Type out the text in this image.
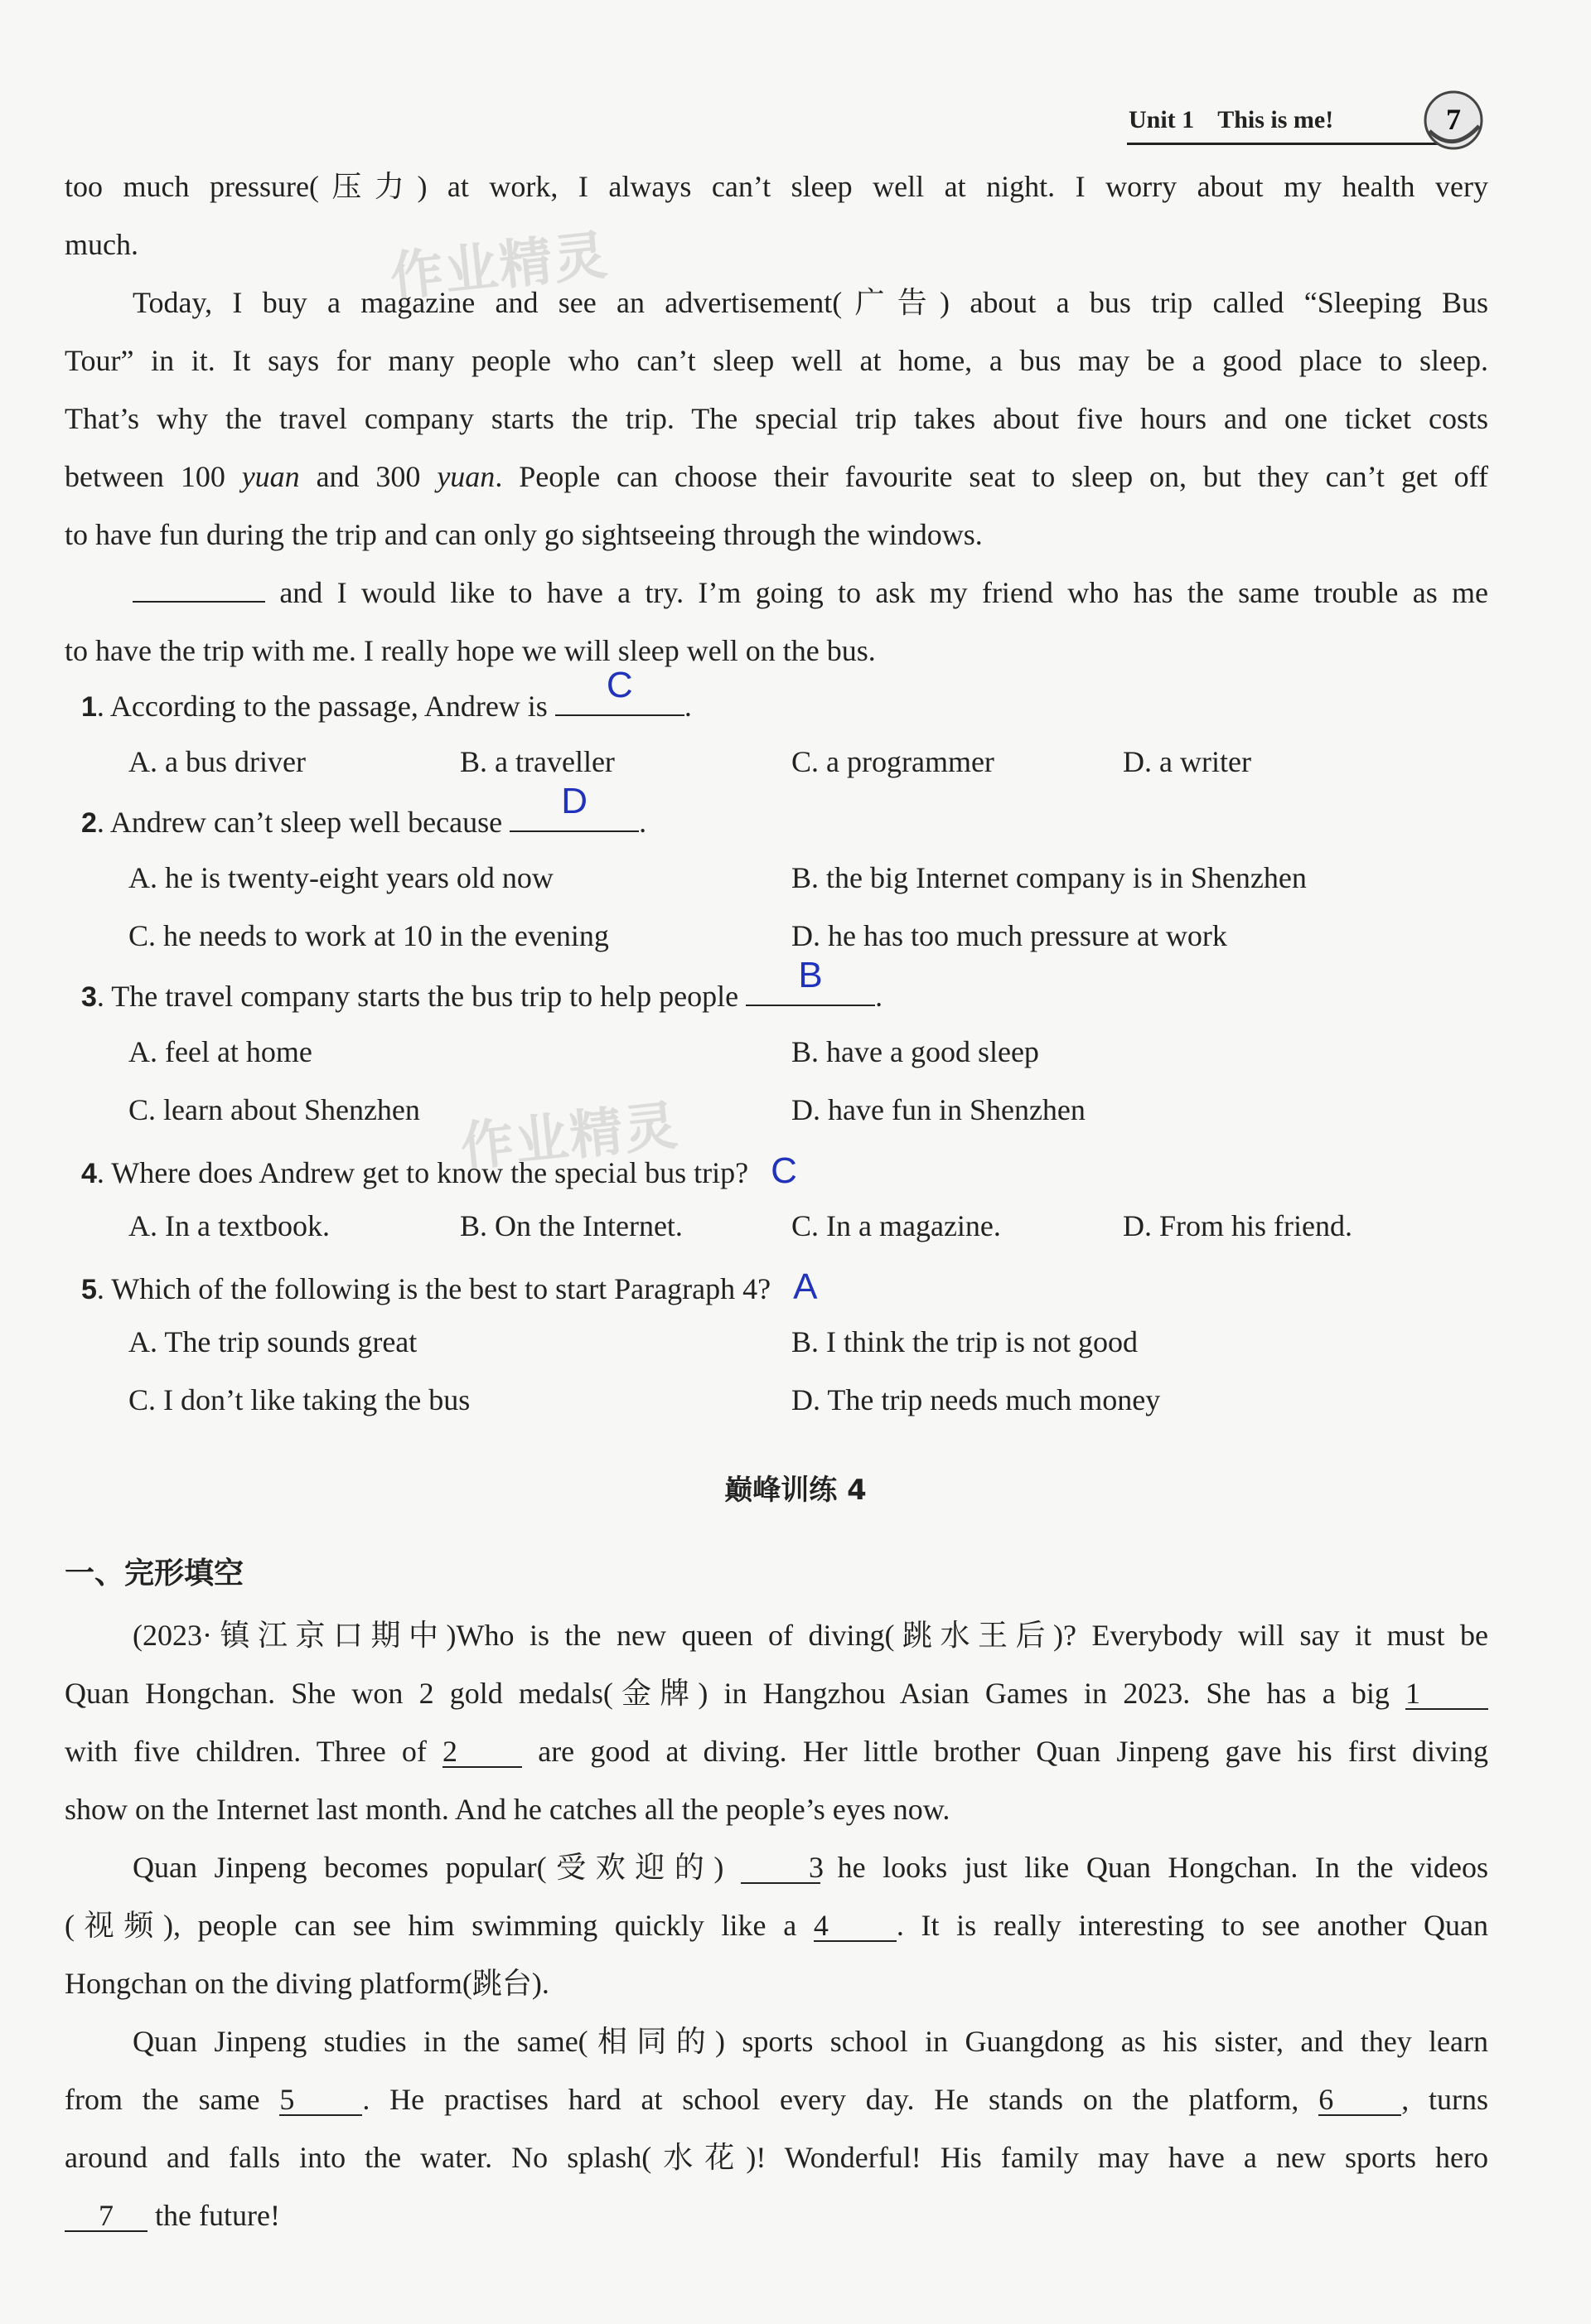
Unit 1 This is me!	7
作业精灵
作业精灵

too much pressure(压力) at work, I always can’t sleep well at night. I worry about my health very

much.

Today, I buy a magazine and see an advertisement(广告) about a bus trip called “Sleeping Bus

Tour” in it. It says for many people who can’t sleep well at home, a bus may be a good place to sleep.

That’s why the travel company starts the trip. The special trip takes about five hours and one ticket costs

between 100 yuan and 300 yuan. People can choose their favourite seat to sleep on, but they can’t get off

to have fun during the trip and can only go sightseeing through the windows.

and I would like to have a try. I’m going to ask my friend who has the same trouble as me

to have the trip with me. I really hope we will sleep well on the bus.

1. According to the passage, Andrew is
C
.
A. a bus driver	B. a traveller	C. a programmer	D. a writer
2. Andrew can’t sleep well because
D
.
A. he is twenty-eight years old now	B. the big Internet company is in Shenzhen
C. he needs to work at 10 in the evening	D. he has too much pressure at work
3. The travel company starts the bus trip to help people
B
.
A. feel at home	B. have a good sleep
C. learn about Shenzhen	D. have fun in Shenzhen
4. Where does Andrew get to know the special bus trip? C
A. In a textbook.	B. On the Internet.	C. In a magazine.	D. From his friend.
5. Which of the following is the best to start Paragraph 4? A
A. The trip sounds great	B. I think the trip is not good
C. I don’t like taking the bus	D. The trip needs much money
巅峰训练 4
一、完形填空

(2023·镇江京口期中)Who is the new queen of diving(跳水王后)? Everybody will say it must be

Quan Hongchan. She won 2 gold medals(金牌) in Hangzhou Asian Games in 2023. She has a big 1

with five children. Three of 2	are good at diving. Her little brother Quan Jinpeng gave his first diving

show on the Internet last month. And he catches all the people’s eyes now.

Quan Jinpeng becomes popular(受欢迎的)	3 he looks just like Quan Hongchan. In the videos

(视频), people can see him swimming quickly like a 4 . It is really interesting to see another Quan

Hongchan on the diving platform(跳台).

Quan Jinpeng studies in the same(相同的) sports school in Guangdong as his sister, and they learn

from the same 5 . He practises hard at school every day. He stands on the platform, 6 , turns

around and falls into the water. No splash(水花)! Wonderful! His family may have a new sports hero

7 the future!
